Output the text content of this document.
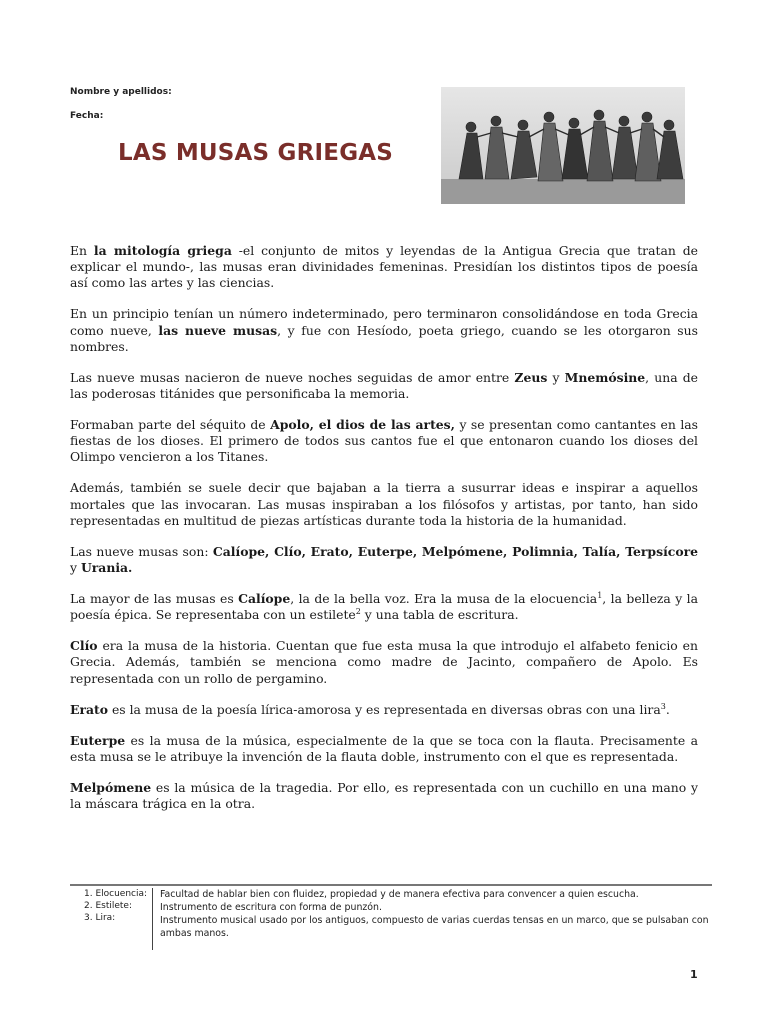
Nombre y apellidos:
Fecha:
LAS MUSAS GRIEGAS

En la mitología griega -el conjunto de mitos y leyendas de la Antigua Grecia que tratan de explicar el mundo-, las musas eran divinidades femeninas. Presidían los distintos tipos de poesía así como las artes y las ciencias.

En un principio tenían un número indeterminado, pero terminaron consolidándose en toda Grecia como nueve, las nueve musas, y fue con Hesíodo, poeta griego, cuando se les otorgaron sus nombres.

Las nueve musas nacieron de nueve noches seguidas de amor entre Zeus y Mnemósine, una de las poderosas titánides que personificaba la memoria.

Formaban parte del séquito de Apolo, el dios de las artes, y se presentan como cantantes en las fiestas de los dioses. El primero de todos sus cantos fue el que entonaron cuando los dioses del Olimpo vencieron a los Titanes.

Además, también se suele decir que bajaban a la tierra a susurrar ideas e inspirar a aquellos mortales que las invocaran. Las musas inspiraban a los filósofos y artistas, por tanto, han sido representadas en multitud de piezas artísticas durante toda la historia de la humanidad.

Las nueve musas son: Calíope, Clío, Erato, Euterpe, Melpómene, Polimnia, Talía, Terpsícore y Urania.

La mayor de las musas es Calíope, la de la bella voz. Era la musa de la elocuencia$^1$, la belleza y la poesía épica. Se representaba con un estilete$^2$ y una tabla de escritura.

Clío era la musa de la historia. Cuentan que fue esta musa la que introdujo el alfabeto fenicio en Grecia. Además, también se menciona como madre de Jacinto, compañero de Apolo. Es representada con un rollo de pergamino.

Erato es la musa de la poesía lírica-amorosa y es representada en diversas obras con una lira$^3$.

Euterpe es la musa de la música, especialmente de la que se toca con la flauta. Precisamente a esta musa se le atribuye la invención de la flauta doble, instrumento con el que es representada.

Melpómene es la música de la tragedia. Por ello, es representada con un cuchillo en una mano y la máscara trágica en la otra.

1. Elocuencia:
2. Estilete:
3. Lira:
Facultad de hablar bien con fluidez, propiedad y de manera efectiva para convencer a quien escucha.
Instrumento de escritura con forma de punzón.
Instrumento musical usado por los antiguos, compuesto de varias cuerdas tensas en un marco, que se pulsaban con ambas manos.
1
